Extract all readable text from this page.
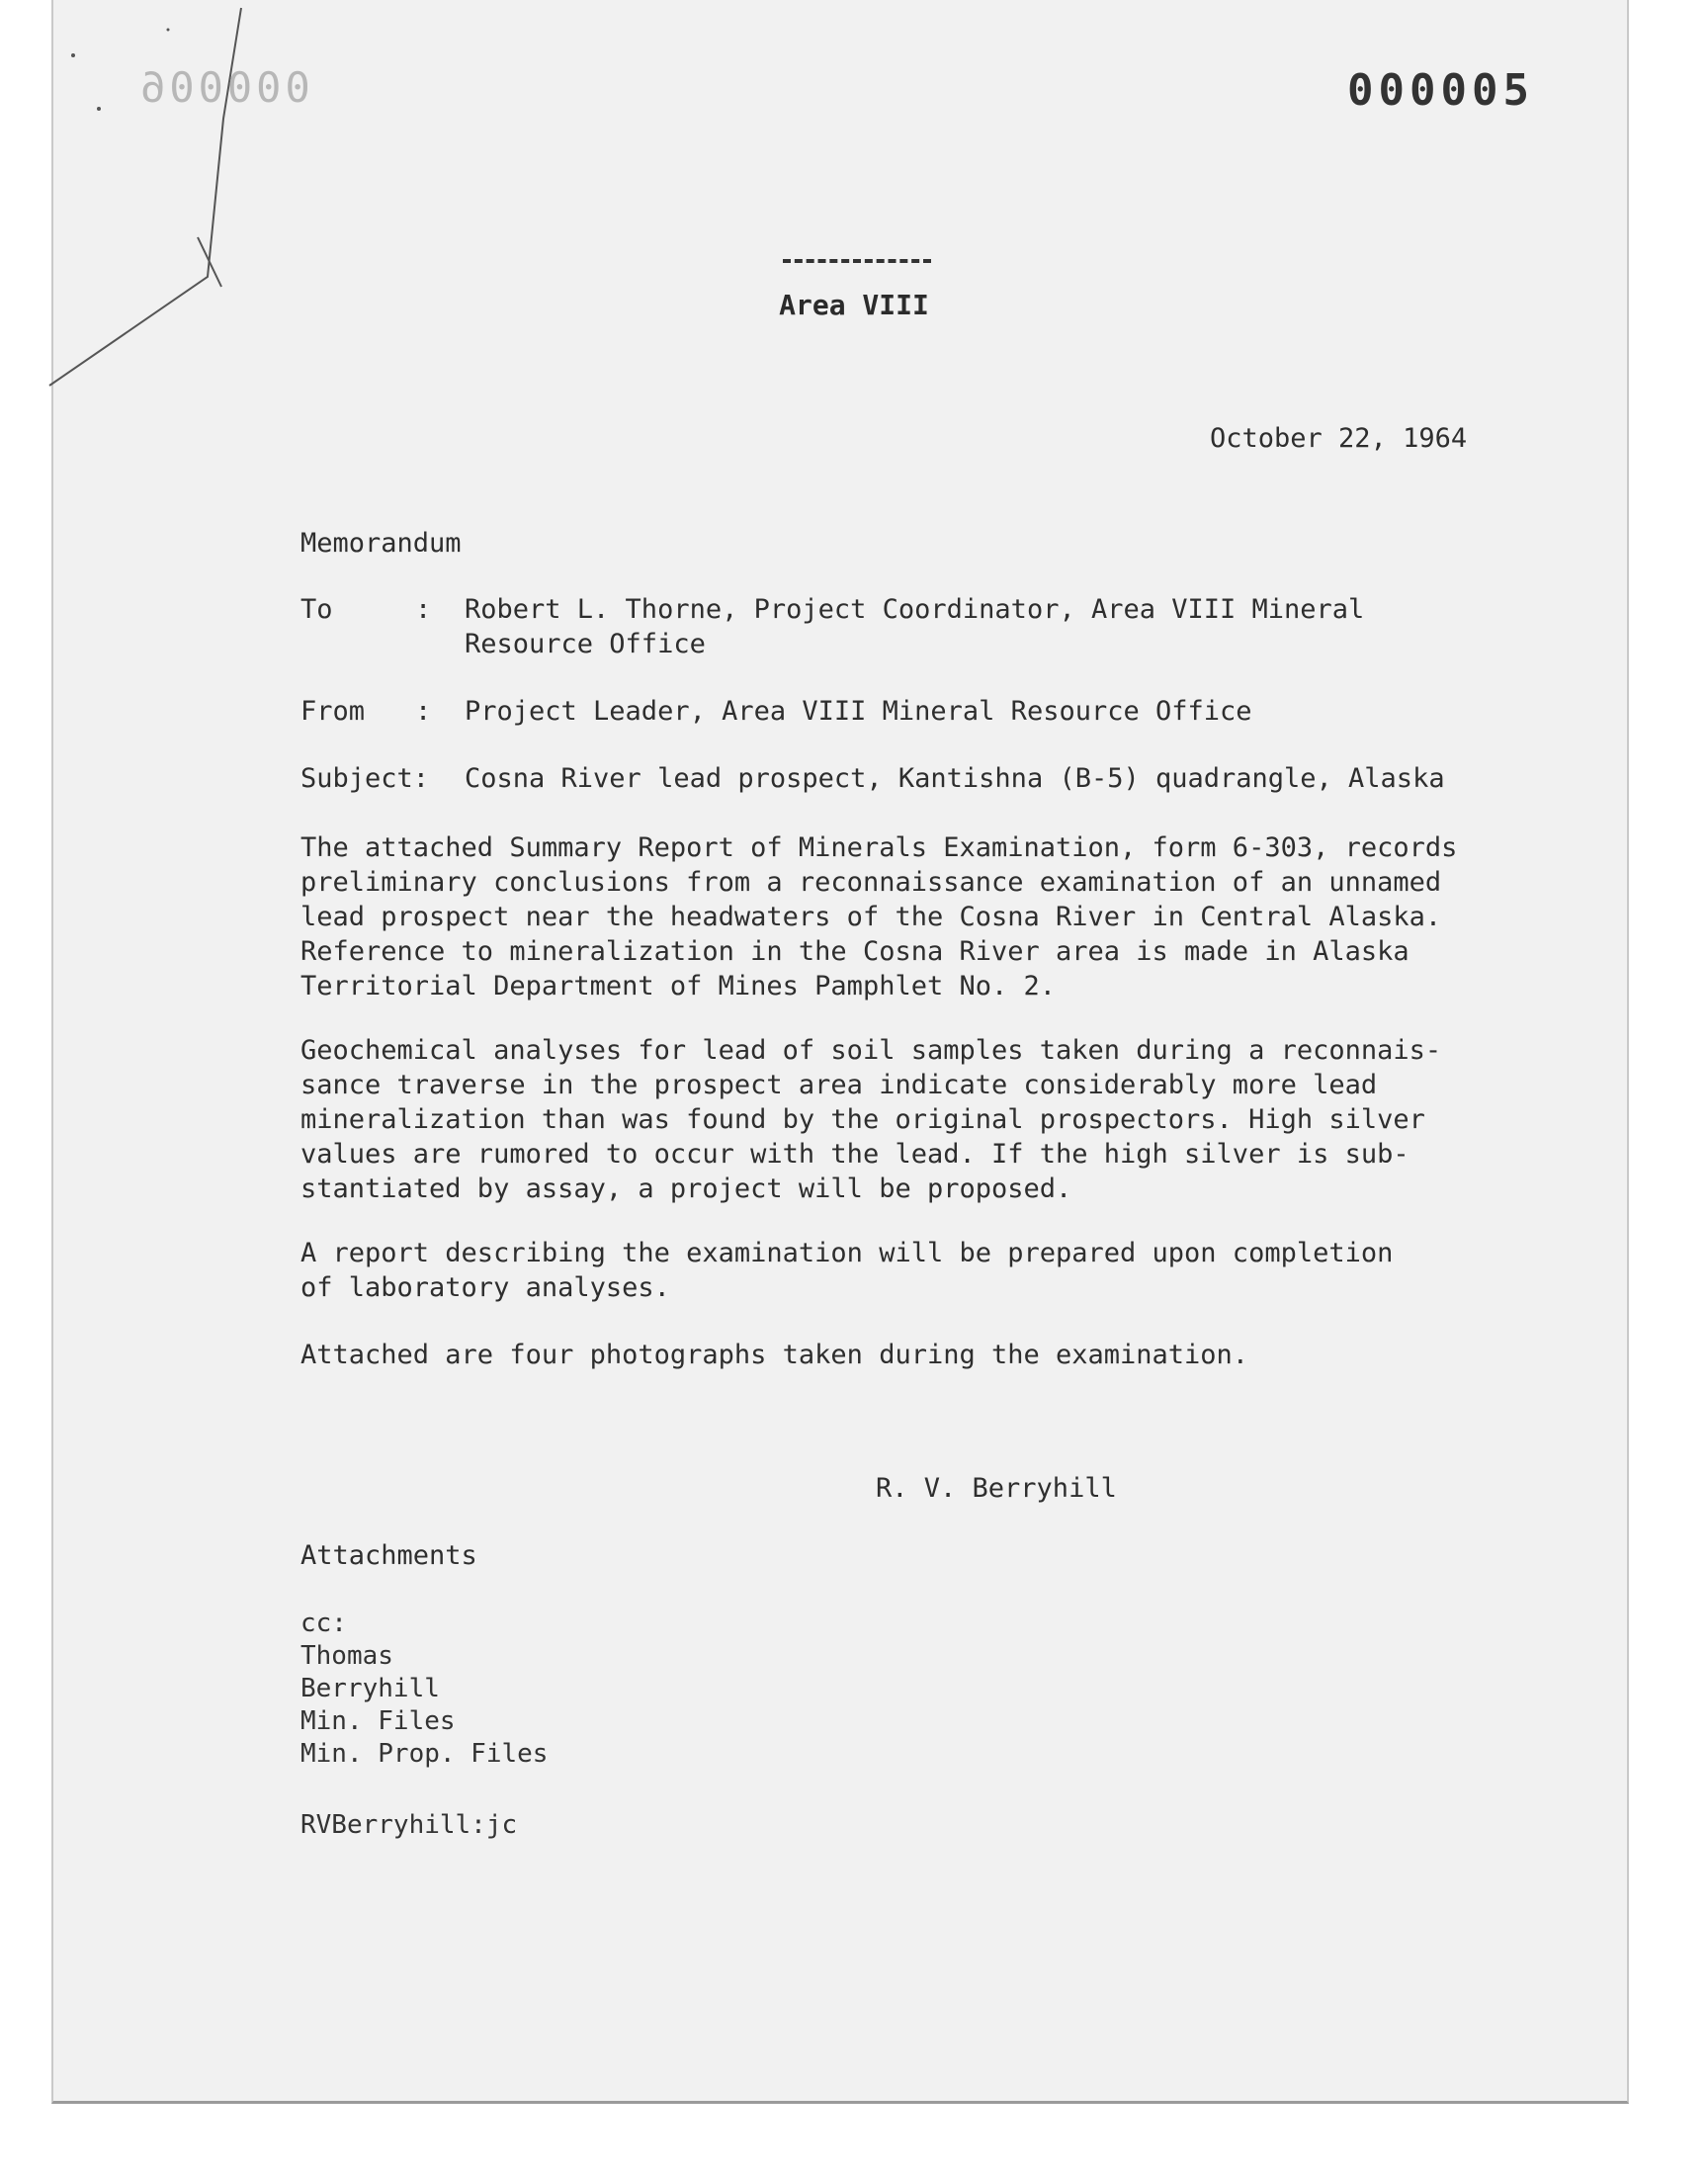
000006	000005
Area VIII
October 22, 1964
Memorandum
To	: Robert L. Thorne, Project Coordinator, Area VIII Mineral
Resource Office
From : Project Leader, Area VIII Mineral Resource Office
Subject: Cosna River lead prospect, Kantishna (B-5) quadrangle, Alaska
The attached Summary Report of Minerals Examination, form 6-303, records
preliminary conclusions from a reconnaissance examination of an unnamed
lead prospect near the headwaters of the Cosna River in Central Alaska.
Reference to mineralization in the Cosna River area is made in Alaska
Territorial Department of Mines Pamphlet No. 2.
Geochemical analyses for lead of soil samples taken during a reconnais-
sance traverse in the prospect area indicate considerably more lead
mineralization than was found by the original prospectors. High silver
values are rumored to occur with the lead. If the high silver is sub-
stantiated by assay, a project will be proposed.
A report describing the examination will be prepared upon completion
of laboratory analyses.
Attached are four photographs taken during the examination.
R. V. Berryhill
Attachments
cc:
Thomas
Berryhill
Min. Files
Min. Prop. Files
RVBerryhill:jc
